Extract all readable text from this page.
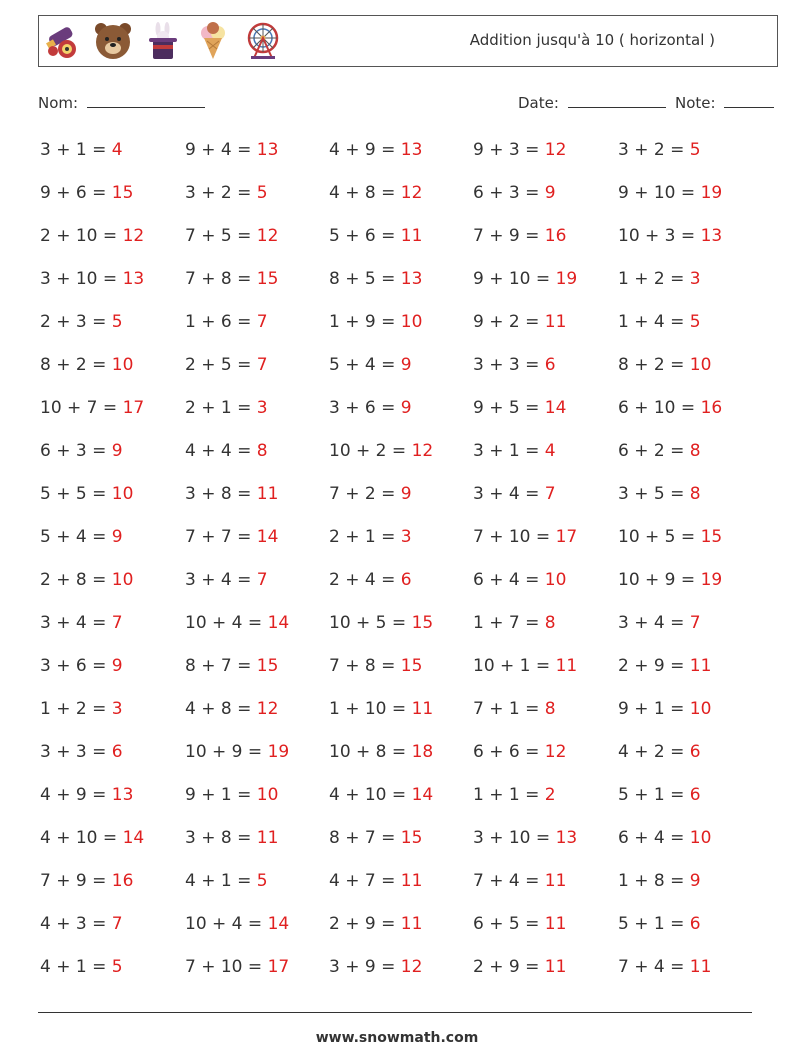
Addition jusqu'à 10 ( horizontal )
Nom:	Date:	Note:
3 + 1 = 4	9 + 4 = 13	4 + 9 = 13	9 + 3 = 12	3 + 2 = 5
9 + 6 = 15	3 + 2 = 5	4 + 8 = 12	6 + 3 = 9	9 + 10 = 19
2 + 10 = 12 7 + 5 = 12	5 + 6 = 11	7 + 9 = 16	10 + 3 = 13
3 + 10 = 13 7 + 8 = 15	8 + 5 = 13	9 + 10 = 19 1 + 2 = 3
2 + 3 = 5	1 + 6 = 7	1 + 9 = 10	9 + 2 = 11	1 + 4 = 5
8 + 2 = 10	2 + 5 = 7	5 + 4 = 9	3 + 3 = 6	8 + 2 = 10
10 + 7 = 17 2 + 1 = 3	3 + 6 = 9	9 + 5 = 14	6 + 10 = 16
6 + 3 = 9	4 + 4 = 8	10 + 2 = 12 3 + 1 = 4	6 + 2 = 8
5 + 5 = 10	3 + 8 = 11	7 + 2 = 9	3 + 4 = 7	3 + 5 = 8
5 + 4 = 9	7 + 7 = 14	2 + 1 = 3	7 + 10 = 17 10 + 5 = 15
2 + 8 = 10	3 + 4 = 7	2 + 4 = 6	6 + 4 = 10	10 + 9 = 19
3 + 4 = 7	10 + 4 = 14 10 + 5 = 15 1 + 7 = 8	3 + 4 = 7
3 + 6 = 9	8 + 7 = 15	7 + 8 = 15	10 + 1 = 11 2 + 9 = 11
1 + 2 = 3	4 + 8 = 12	1 + 10 = 11 7 + 1 = 8	9 + 1 = 10
3 + 3 = 6	10 + 9 = 19 10 + 8 = 18 6 + 6 = 12	4 + 2 = 6
4 + 9 = 13	9 + 1 = 10	4 + 10 = 14 1 + 1 = 2	5 + 1 = 6
4 + 10 = 14 3 + 8 = 11	8 + 7 = 15	3 + 10 = 13 6 + 4 = 10
7 + 9 = 16	4 + 1 = 5	4 + 7 = 11	7 + 4 = 11	1 + 8 = 9
4 + 3 = 7	10 + 4 = 14 2 + 9 = 11	6 + 5 = 11	5 + 1 = 6
4 + 1 = 5	7 + 10 = 17 3 + 9 = 12	2 + 9 = 11	7 + 4 = 11
www.snowmath.com
